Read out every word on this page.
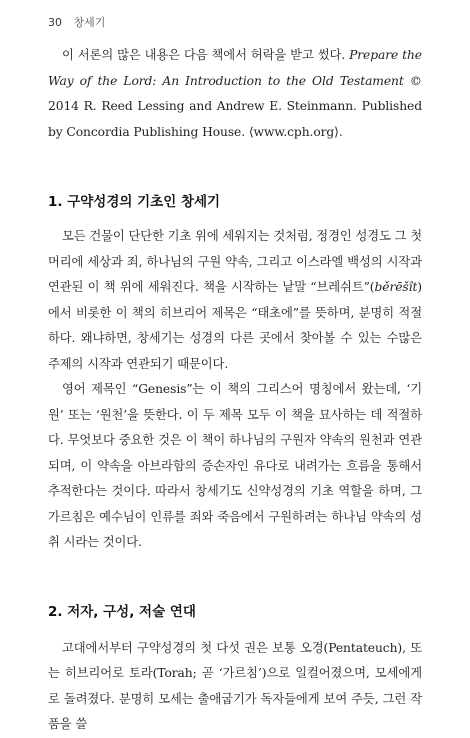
30 창세기

이 서론의 많은 내용은 다음 책에서 허락을 받고 썼다. Prepare the Way of the Lord: An Introduction to the Old Testament © 2014 R. Reed Lessing and Andrew E. Steinmann. Published by Concordia Publishing House. ⟨www.cph.org⟩.

1. 구약성경의 기초인 창세기

모든 건물이 단단한 기초 위에 세워지는 것처럼, 정경인 성경도 그 첫 머리에 세상과 죄, 하나님의 구원 약속, 그리고 이스라엘 백성의 시작과 연관된 이 책 위에 세워진다. 책을 시작하는 낱말 “브레쉬트”(běrēšît)에서 비롯한 이 책의 히브리어 제목은 “태초에”를 뜻하며, 분명히 적절하다. 왜냐하면, 창세기는 성경의 다른 곳에서 찾아볼 수 있는 수많은 주제의 시작과 연관되기 때문이다.

영어 제목인 “Genesis”는 이 책의 그리스어 명칭에서 왔는데, ‘기원’ 또는 ‘원천’을 뜻한다. 이 두 제목 모두 이 책을 묘사하는 데 적절하다. 무엇보다 중요한 것은 이 책이 하나님의 구원자 약속의 원천과 연관되며, 이 약속을 아브라함의 증손자인 유다로 내려가는 흐름을 통해서 추적한다는 것이다. 따라서 창세기도 신약성경의 기초 역할을 하며, 그 가르침은 예수님이 인류를 죄와 죽음에서 구원하려는 하나님 약속의 성취 시라는 것이다.

2. 저자, 구성, 저술 연대

고대에서부터 구약성경의 첫 다섯 권은 보통 오경(Pentateuch), 또는 히브리어로 토라(Torah; 곧 ‘가르침’)으로 일컬어졌으며, 모세에게로 돌려졌다. 분명히 모세는 출애굽기가 독자들에게 보여 주듯, 그런 작품을 쓸
